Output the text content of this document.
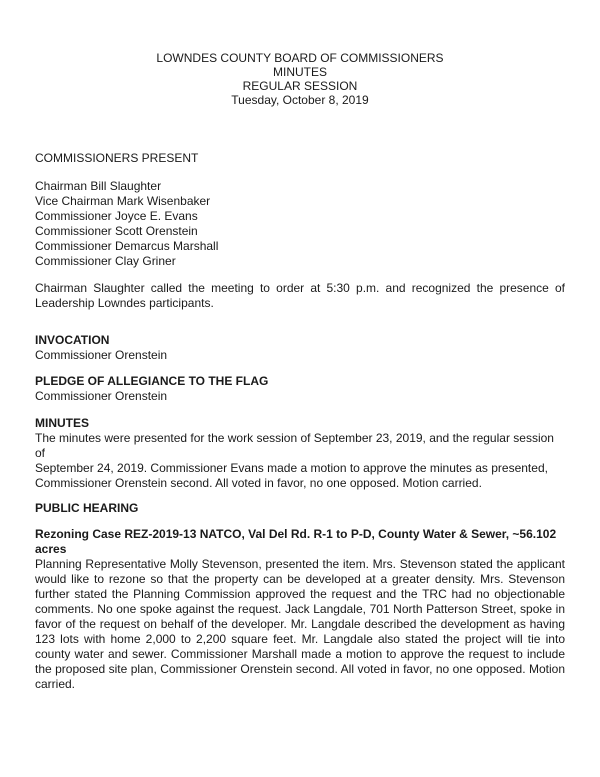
LOWNDES COUNTY BOARD OF COMMISSIONERS
MINUTES
REGULAR SESSION
Tuesday, October 8, 2019
COMMISSIONERS PRESENT
Chairman Bill Slaughter
Vice Chairman Mark Wisenbaker
Commissioner Joyce E. Evans
Commissioner Scott Orenstein
Commissioner Demarcus Marshall
Commissioner Clay Griner

Chairman Slaughter called the meeting to order at 5:30 p.m. and recognized the presence of Leadership Lowndes participants.

INVOCATION
Commissioner Orenstein
PLEDGE OF ALLEGIANCE TO THE FLAG
Commissioner Orenstein
MINUTES
The minutes were presented for the work session of September 23, 2019, and the regular session of
September 24, 2019. Commissioner Evans made a motion to approve the minutes as presented,
Commissioner Orenstein second. All voted in favor, no one opposed. Motion carried.
PUBLIC HEARING

Rezoning Case REZ-2019-13 NATCO, Val Del Rd. R-1 to P-D, County Water & Sewer, ~56.102 acres

Planning Representative Molly Stevenson, presented the item. Mrs. Stevenson stated the applicant would like to rezone so that the property can be developed at a greater density. Mrs. Stevenson further stated the Planning Commission approved the request and the TRC had no objectionable comments. No one spoke against the request. Jack Langdale, 701 North Patterson Street, spoke in favor of the request on behalf of the developer. Mr. Langdale described the development as having 123 lots with home 2,000 to 2,200 square feet. Mr. Langdale also stated the project will tie into county water and sewer. Commissioner Marshall made a motion to approve the request to include the proposed site plan, Commissioner Orenstein second. All voted in favor, no one opposed. Motion carried.
